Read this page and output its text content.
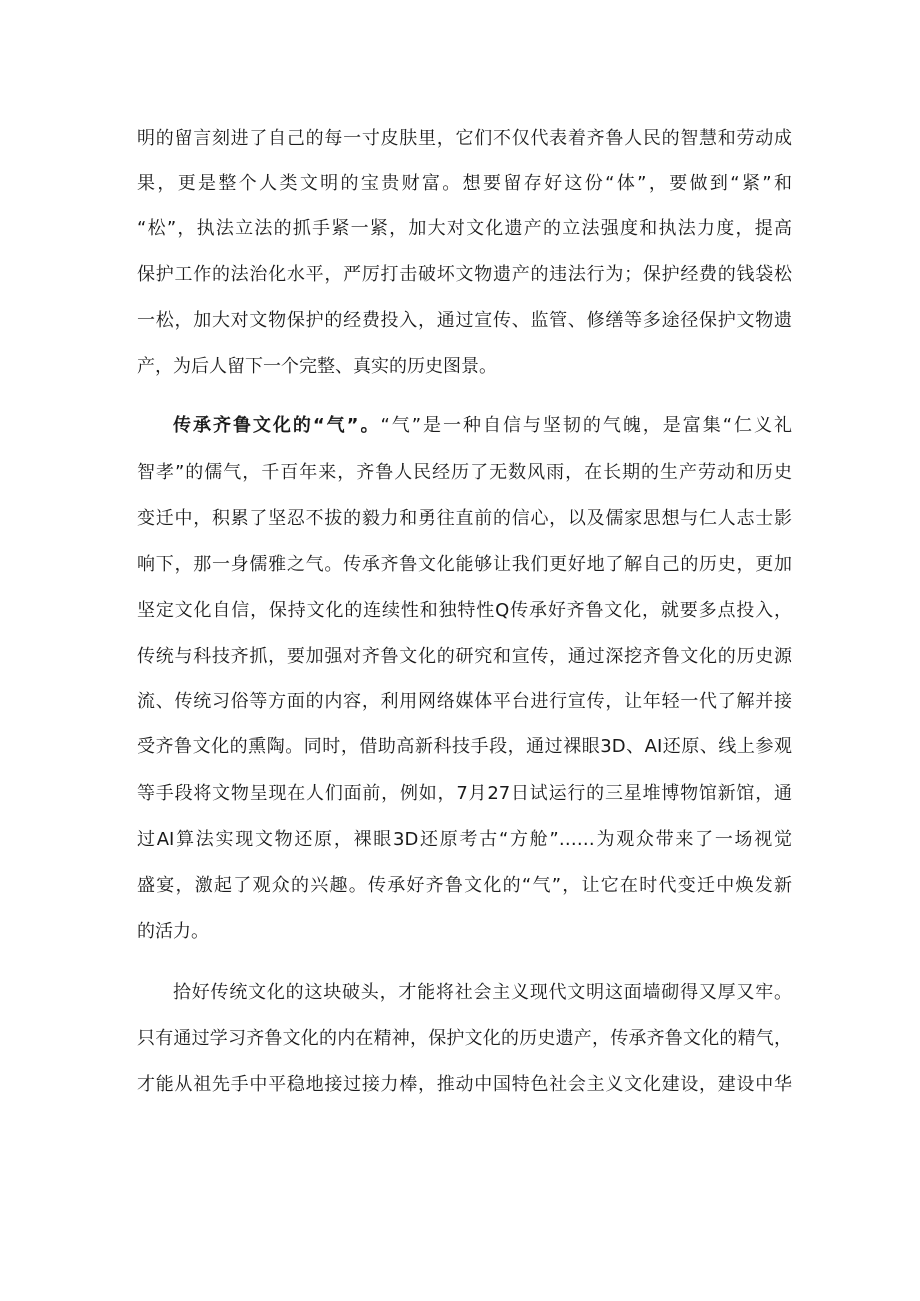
明的留言刻进了自己的每一寸皮肤里，它们不仅代表着齐鲁人民的智慧和劳动成
果，更是整个人类文明的宝贵财富。想要留存好这份“体”，要做到“紧”和
“松”，执法立法的抓手紧一紧，加大对文化遗产的立法强度和执法力度，提高
保护工作的法治化水平，严厉打击破坏文物遗产的违法行为；保护经费的钱袋松
一松，加大对文物保护的经费投入，通过宣传、监管、修缮等多途径保护文物遗
产，为后人留下一个完整、真实的历史图景。
传承齐鲁文化的“气”。“气”是一种自信与坚韧的气魄，是富集“仁义礼
智孝”的儒气，千百年来，齐鲁人民经历了无数风雨，在长期的生产劳动和历史
变迁中，积累了坚忍不拔的毅力和勇往直前的信心，以及儒家思想与仁人志士影
响下，那一身儒雅之气。传承齐鲁文化能够让我们更好地了解自己的历史，更加
坚定文化自信，保持文化的连续性和独特性Q传承好齐鲁文化，就要多点投入，
传统与科技齐抓，要加强对齐鲁文化的研究和宣传，通过深挖齐鲁文化的历史源
流、传统习俗等方面的内容，利用网络媒体平台进行宣传，让年轻一代了解并接
受齐鲁文化的熏陶。同时，借助高新科技手段，通过裸眼3D、AI还原、线上参观
等手段将文物呈现在人们面前，例如，7月27日试运行的三星堆博物馆新馆，通
过AI算法实现文物还原，裸眼3D还原考古“方舱”……为观众带来了一场视觉
盛宴，激起了观众的兴趣。传承好齐鲁文化的“气”，让它在时代变迁中焕发新
的活力。
拾好传统文化的这块破头，才能将社会主义现代文明这面墙砌得又厚又牢。
只有通过学习齐鲁文化的内在精神，保护文化的历史遗产，传承齐鲁文化的精气，
才能从祖先手中平稳地接过接力棒，推动中国特色社会主义文化建设，建设中华
